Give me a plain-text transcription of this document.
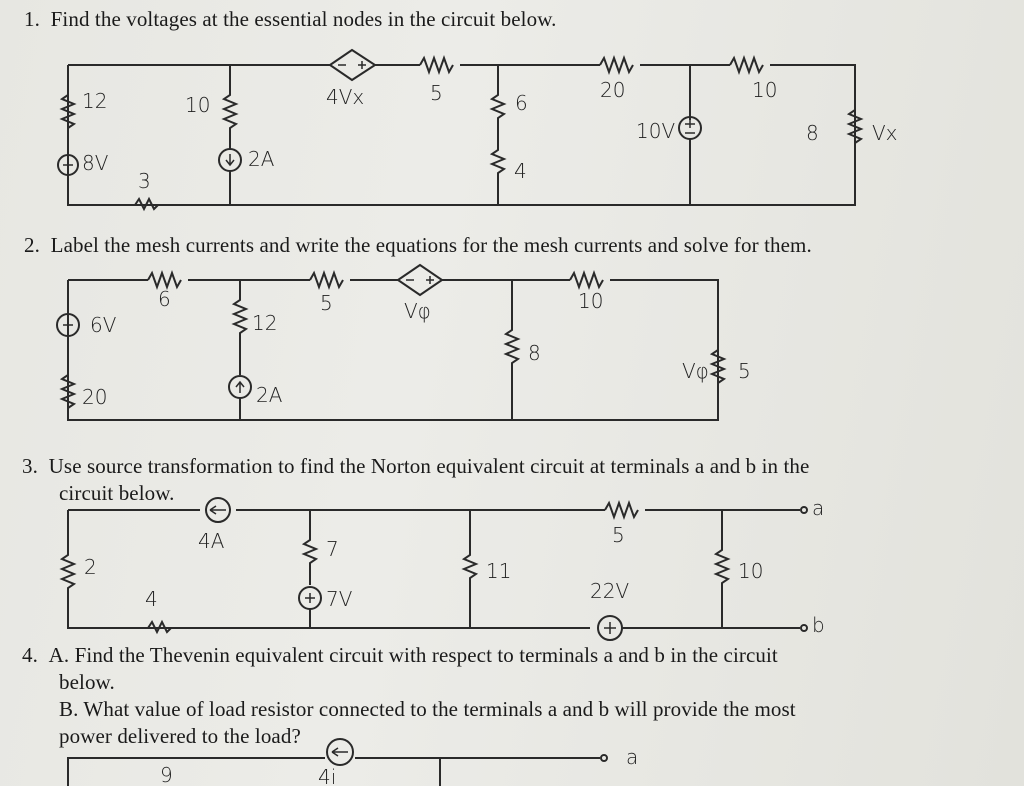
1. Find the voltages at the essential nodes in the circuit below.
2. Label the mesh currents and write the equations for the mesh currents and solve for them.
3. Use source transformation to find the Norton equivalent circuit at terminals a and b in the
circuit below.
4. A. Find the Thevenin equivalent circuit with respect to terminals a and b in the circuit
below.
B. What value of load resistor connected to the terminals a and b will provide the most
power delivered to the load?
12	10	4Vx	5	6
20	10
8V
3
2A	4
10V	8	Vx
6	5	Vφ	10
6V	12
8
20	2A
Vφ 5
4A	5
a
7
2	11	10
4	7V	22V
b
9	4i
a
